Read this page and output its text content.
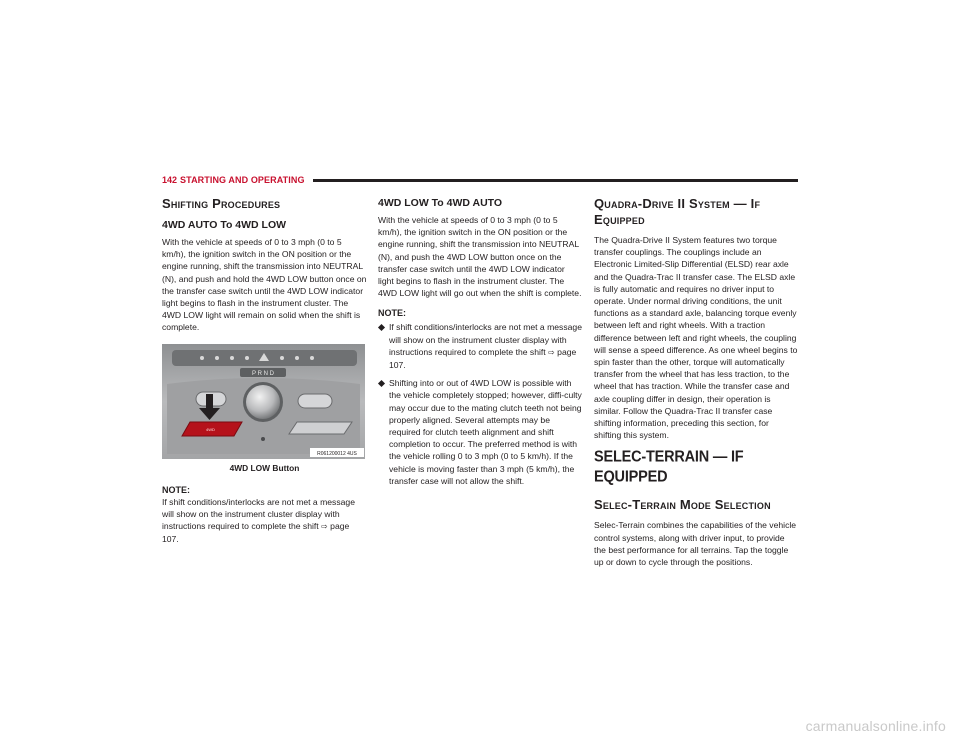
142 STARTING AND OPERATING
Shifting Procedures
4WD AUTO To 4WD LOW

With the vehicle at speeds of 0 to 3 mph (0 to 5 km/h), the ignition switch in the ON position or the engine running, shift the transmission into NEUTRAL (N), and push and hold the 4WD LOW button once on the transfer case switch until the 4WD LOW indicator light begins to flash in the instrument cluster. The 4WD LOW light will remain on solid when the shift is complete.

P R N D
4WD
R061200012 4US
4WD LOW Button
NOTE:

If shift conditions/interlocks are not met a message will show on the instrument cluster display with instructions required to complete the shift ⇨ page 107.

4WD LOW To 4WD AUTO

With the vehicle at speeds of 0 to 3 mph (0 to 5 km/h), the ignition switch in the ON position or the engine running, shift the transmission into NEUTRAL (N), and push the 4WD LOW button once on the transfer case switch until the 4WD LOW indicator light begins to flash in the instrument cluster. The 4WD LOW light will go out when the shift is complete.

NOTE:
If shift conditions/interlocks are not met a message will show on the instrument cluster display with instructions required to complete the shift ⇨ page 107.
Shifting into or out of 4WD LOW is possible with the vehicle completely stopped; however, diffi-culty may occur due to the mating clutch teeth not being properly aligned. Several attempts may be required for clutch teeth alignment and shift completion to occur. The preferred method is with the vehicle rolling 0 to 3 mph (0 to 5 km/h). If the vehicle is moving faster than 3 mph (5 km/h), the transfer case will not allow the shift.
Quadra-Drive II System — If Equipped

The Quadra-Drive II System features two torque transfer couplings. The couplings include an Electronic Limited-Slip Differential (ELSD) rear axle and the Quadra-Trac II transfer case. The ELSD axle is fully automatic and requires no driver input to operate. Under normal driving conditions, the unit functions as a standard axle, balancing torque evenly between left and right wheels. With a traction difference between left and right wheels, the coupling will sense a speed difference. As one wheel begins to spin faster than the other, torque will automatically transfer from the wheel that has less traction, to the wheel that has traction. While the transfer case and axle coupling differ in design, their operation is similar. Follow the Quadra-Trac II transfer case shifting information, preceding this section, for shifting this system.

SELEC-TERRAIN — IF EQUIPPED
Selec-Terrain Mode Selection

Selec-Terrain combines the capabilities of the vehicle control systems, along with driver input, to provide the best performance for all terrains. Tap the toggle up or down to cycle through the positions.

carmanualsonline.info
